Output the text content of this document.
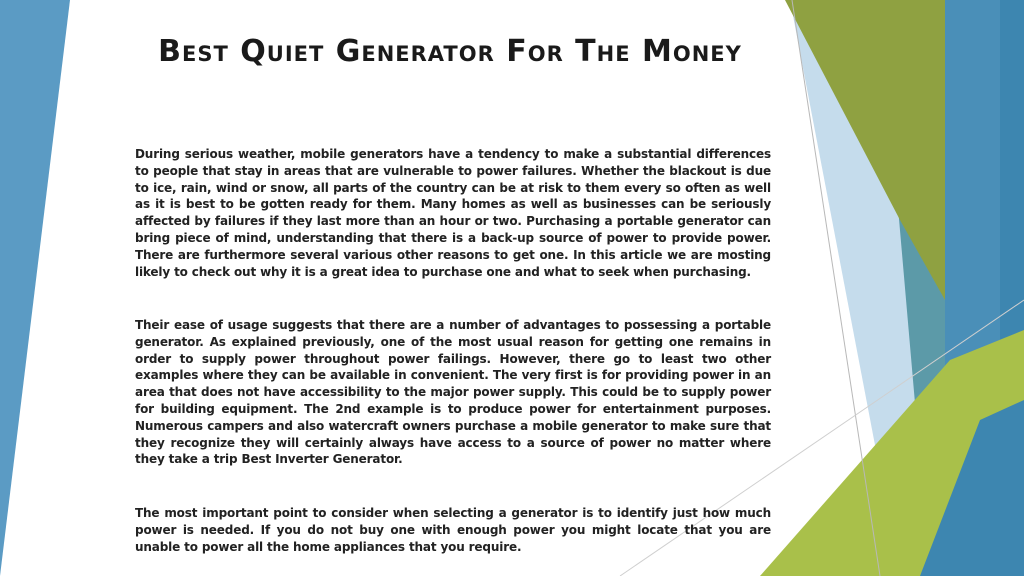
Best Quiet Generator For The Money

During serious weather, mobile generators have a tendency to make a substantial differences to people that stay in areas that are vulnerable to power failures. Whether the blackout is due to ice, rain, wind or snow, all parts of the country can be at risk to them every so often as well as it is best to be gotten ready for them. Many homes as well as businesses can be seriously affected by failures if they last more than an hour or two. Purchasing a portable generator can bring piece of mind, understanding that there is a back-up source of power to provide power. There are furthermore several various other reasons to get one. In this article we are mosting likely to check out why it is a great idea to purchase one and what to seek when purchasing.

Their ease of usage suggests that there are a number of advantages to possessing a portable generator. As explained previously, one of the most usual reason for getting one remains in order to supply power throughout power failings. However, there go to least two other examples where they can be available in convenient. The very first is for providing power in an area that does not have accessibility to the major power supply. This could be to supply power for building equipment. The 2nd example is to produce power for entertainment purposes. Numerous campers and also watercraft owners purchase a mobile generator to make sure that they recognize they will certainly always have access to a source of power no matter where they take a trip Best Inverter Generator.

The most important point to consider when selecting a generator is to identify just how much power is needed. If you do not buy one with enough power you might locate that you are unable to power all the home appliances that you require.
